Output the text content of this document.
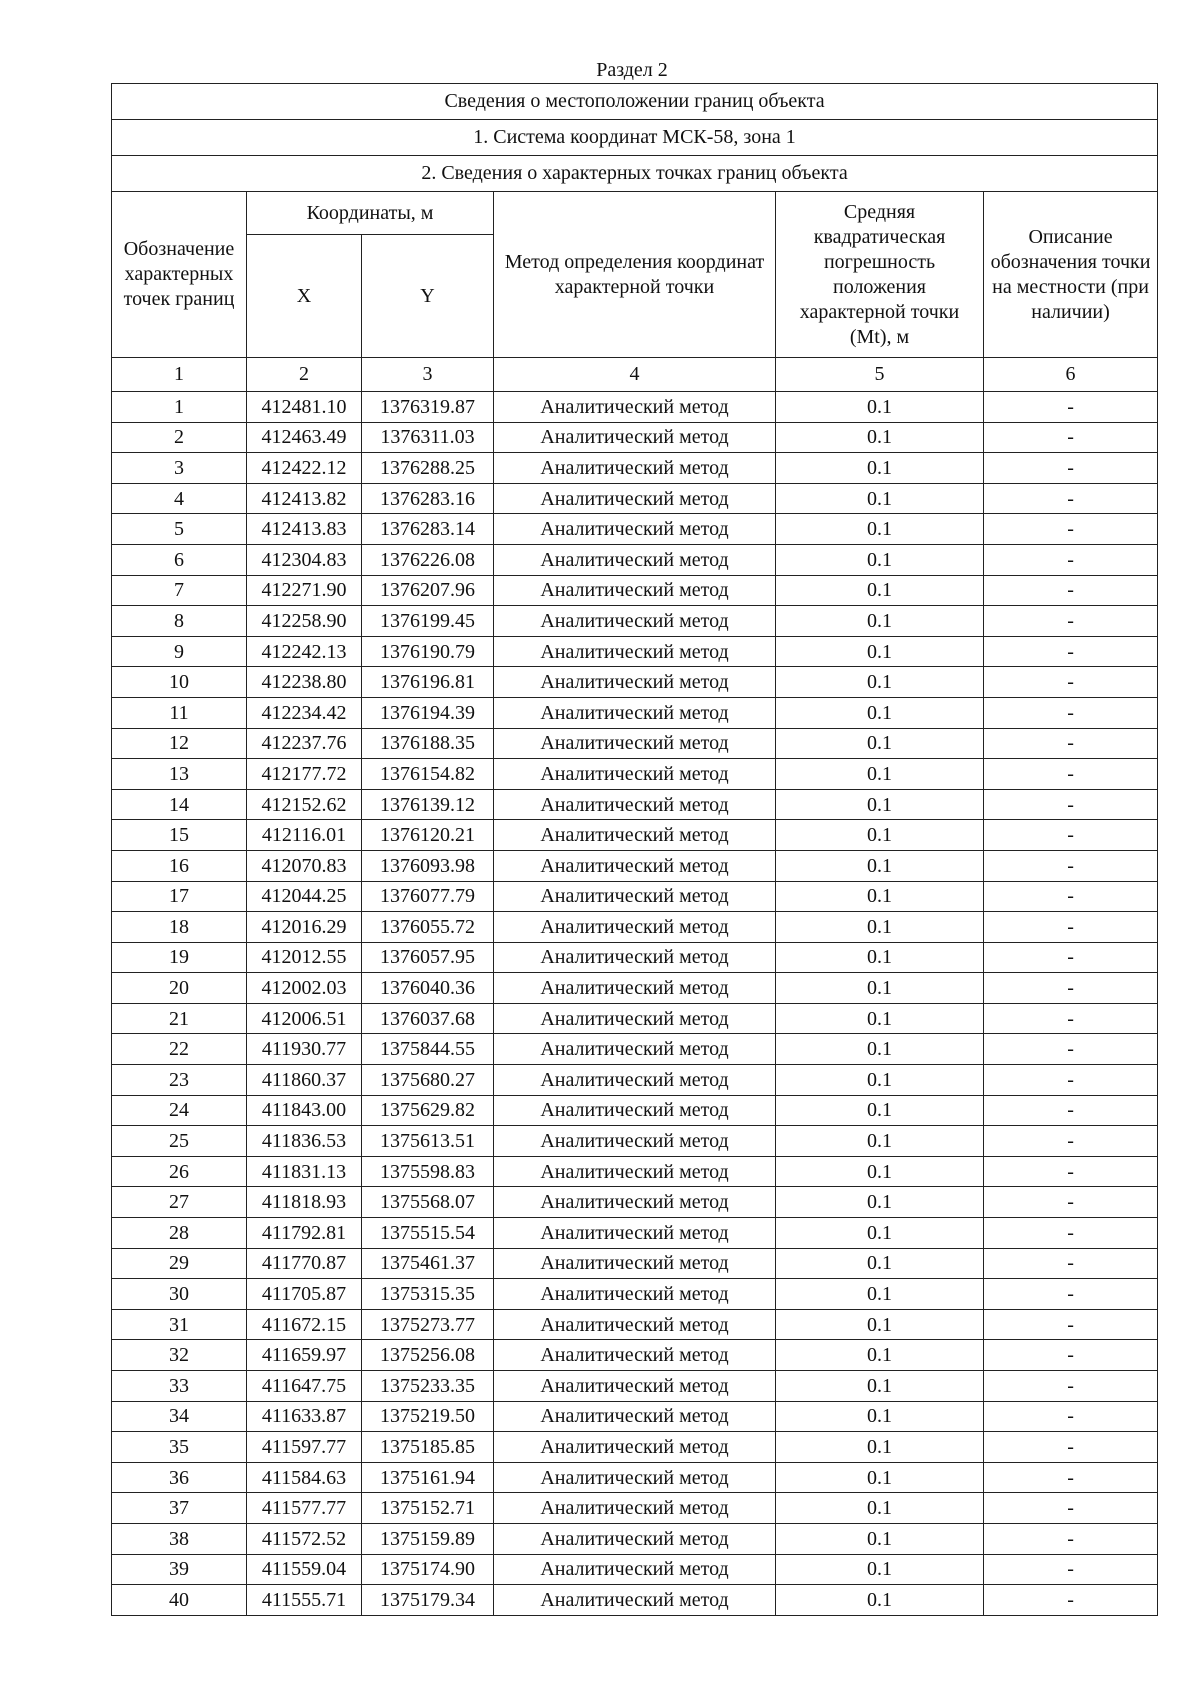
Раздел 2
Сведения о местоположении границ объекта					
1. Система координат МСК-58, зона 1					
2. Сведения о характерных точках границ объекта					
Обозначение характерных точек границ	Координаты, м		Метод определения координат характерной точки	Средняя квадратическая погрешность положения характерной точки (Mt), м	Описание обозначения точки на местности (при наличии)
	X	Y			
1	2	3	4	5	6
1	412481.10	1376319.87	Аналитический метод	0.1	-
2	412463.49	1376311.03	Аналитический метод	0.1	-
3	412422.12	1376288.25	Аналитический метод	0.1	-
4	412413.82	1376283.16	Аналитический метод	0.1	-
5	412413.83	1376283.14	Аналитический метод	0.1	-
6	412304.83	1376226.08	Аналитический метод	0.1	-
7	412271.90	1376207.96	Аналитический метод	0.1	-
8	412258.90	1376199.45	Аналитический метод	0.1	-
9	412242.13	1376190.79	Аналитический метод	0.1	-
10	412238.80	1376196.81	Аналитический метод	0.1	-
11	412234.42	1376194.39	Аналитический метод	0.1	-
12	412237.76	1376188.35	Аналитический метод	0.1	-
13	412177.72	1376154.82	Аналитический метод	0.1	-
14	412152.62	1376139.12	Аналитический метод	0.1	-
15	412116.01	1376120.21	Аналитический метод	0.1	-
16	412070.83	1376093.98	Аналитический метод	0.1	-
17	412044.25	1376077.79	Аналитический метод	0.1	-
18	412016.29	1376055.72	Аналитический метод	0.1	-
19	412012.55	1376057.95	Аналитический метод	0.1	-
20	412002.03	1376040.36	Аналитический метод	0.1	-
21	412006.51	1376037.68	Аналитический метод	0.1	-
22	411930.77	1375844.55	Аналитический метод	0.1	-
23	411860.37	1375680.27	Аналитический метод	0.1	-
24	411843.00	1375629.82	Аналитический метод	0.1	-
25	411836.53	1375613.51	Аналитический метод	0.1	-
26	411831.13	1375598.83	Аналитический метод	0.1	-
27	411818.93	1375568.07	Аналитический метод	0.1	-
28	411792.81	1375515.54	Аналитический метод	0.1	-
29	411770.87	1375461.37	Аналитический метод	0.1	-
30	411705.87	1375315.35	Аналитический метод	0.1	-
31	411672.15	1375273.77	Аналитический метод	0.1	-
32	411659.97	1375256.08	Аналитический метод	0.1	-
33	411647.75	1375233.35	Аналитический метод	0.1	-
34	411633.87	1375219.50	Аналитический метод	0.1	-
35	411597.77	1375185.85	Аналитический метод	0.1	-
36	411584.63	1375161.94	Аналитический метод	0.1	-
37	411577.77	1375152.71	Аналитический метод	0.1	-
38	411572.52	1375159.89	Аналитический метод	0.1	-
39	411559.04	1375174.90	Аналитический метод	0.1	-
40	411555.71	1375179.34	Аналитический метод	0.1	-
